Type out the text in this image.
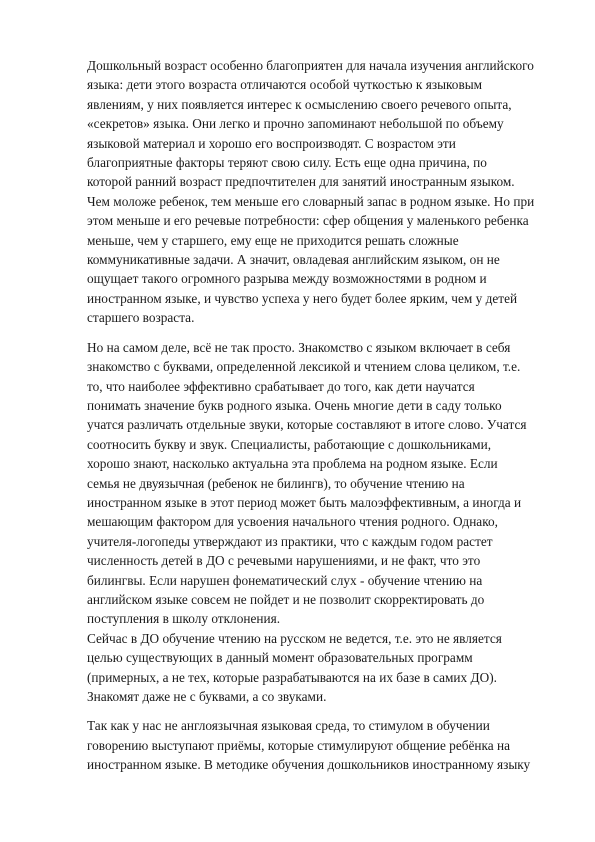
Дошкольный возраст особенно благоприятен для начала изучения английского
языка: дети этого возраста отличаются особой чуткостью к языковым
явлениям, у них появляется интерес к осмыслению своего речевого опыта,
«секретов» языка. Они легко и прочно запоминают небольшой по объему
языковой материал и хорошо его воспроизводят. С возрастом эти
благоприятные факторы теряют свою силу. Есть еще одна причина, по
которой ранний возраст предпочтителен для занятий иностранным языком.
Чем моложе ребенок, тем меньше его словарный запас в родном языке. Но при
этом меньше и его речевые потребности: сфер общения у маленького ребенка
меньше, чем у старшего, ему еще не приходится решать сложные
коммуникативные задачи. А значит, овладевая английским языком, он не
ощущает такого огромного разрыва между возможностями в родном и
иностранном языке, и чувство успеха у него будет более ярким, чем у детей
старшего возраста.

Но на самом деле, всё не так просто. Знакомство с языком включает в себя
знакомство с буквами, определенной лексикой и чтением слова целиком, т.е.
то, что наиболее эффективно срабатывает до того, как дети научатся
понимать значение букв родного языка. Очень многие дети в саду только
учатся различать отдельные звуки, которые составляют в итоге слово. Учатся
соотносить букву и звук. Специалисты, работающие с дошкольниками,
хорошо знают, насколько актуальна эта проблема на родном языке. Если
семья не двуязычная (ребенок не билингв), то обучение чтению на
иностранном языке в этот период может быть малоэффективным, а иногда и
мешающим фактором для усвоения начального чтения родного. Однако,
учителя-логопеды утверждают из практики, что с каждым годом растет
численность детей в ДО с речевыми нарушениями, и не факт, что это
билингвы. Если нарушен фонематический слух - обучение чтению на
английском языке совсем не пойдет и не позволит скорректировать до
поступления в школу отклонения.
Сейчас в ДО обучение чтению на русском не ведется, т.е. это не является
целью существующих в данный момент образовательных программ
(примерных, а не тех, которые разрабатываются на их базе в самих ДО).
Знакомят даже не с буквами, а со звуками.

Так как у нас не англоязычная языковая среда, то стимулом в обучении
говорению выступают приёмы, которые стимулируют общение ребёнка на
иностранном языке. В методике обучения дошкольников иностранному языку
